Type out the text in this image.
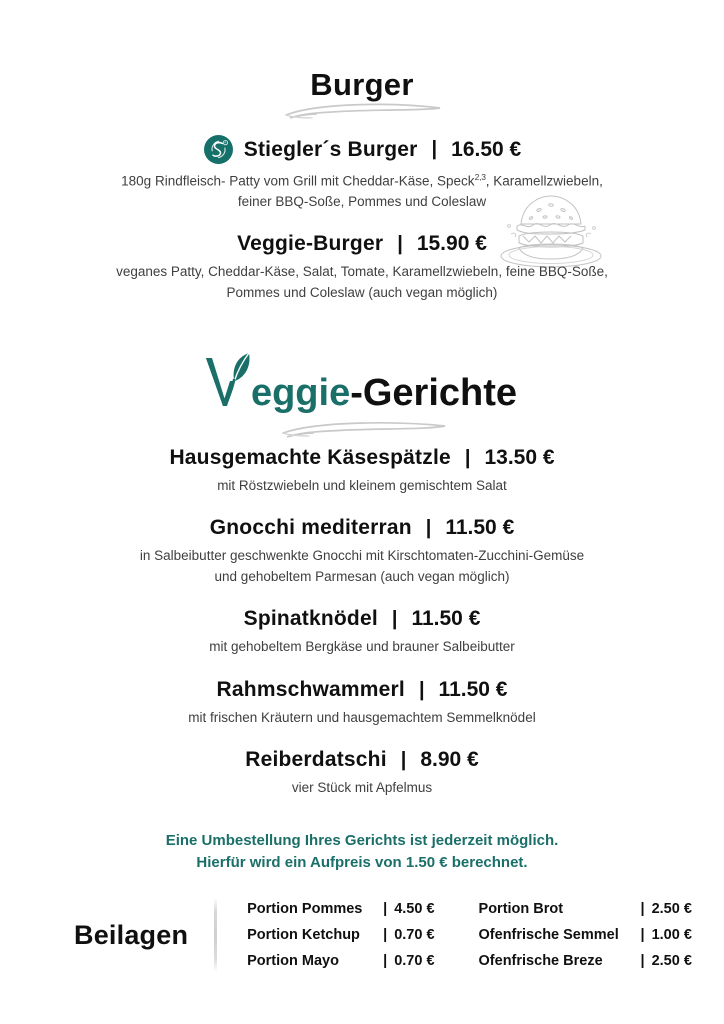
Burger
R Stiegler´s Burger | 16.50 €
180g Rindfleisch- Patty vom Grill mit Cheddar-Käse, Speck$^{2,3}$, Karamellzwiebeln,
feiner BBQ-Soße, Pommes und Coleslaw
Veggie-Burger | 15.90 €
veganes Patty, Cheddar-Käse, Salat, Tomate, Karamellzwiebeln, feine BBQ-Soße,
Pommes und Coleslaw (auch vegan möglich)
eggie -Gerichte
Hausgemachte Käsespätzle | 13.50 €
mit Röstzwiebeln und kleinem gemischtem Salat
Gnocchi mediterran | 11.50 €
in Salbeibutter geschwenkte Gnocchi mit Kirschtomaten-Zucchini-Gemüse
und gehobeltem Parmesan (auch vegan möglich)
Spinatknödel | 11.50 €
mit gehobeltem Bergkäse und brauner Salbeibutter
Rahmschwammerl | 11.50 €
mit frischen Kräutern und hausgemachtem Semmelknödel
Reiberdatschi | 8.90 €
vier Stück mit Apfelmus
Eine Umbestellung Ihres Gerichts ist jederzeit möglich.
Hierfür wird ein Aufpreis von 1.50 € berechnet.
Beilagen
Portion Pommes	| 4.50 €
Portion Ketchup	| 0.70 €
Portion Mayo	| 0.70 €
Portion Brot	| 2.50 €
Ofenfrische Semmel	| 1.00 €
Ofenfrische Breze	| 2.50 €
